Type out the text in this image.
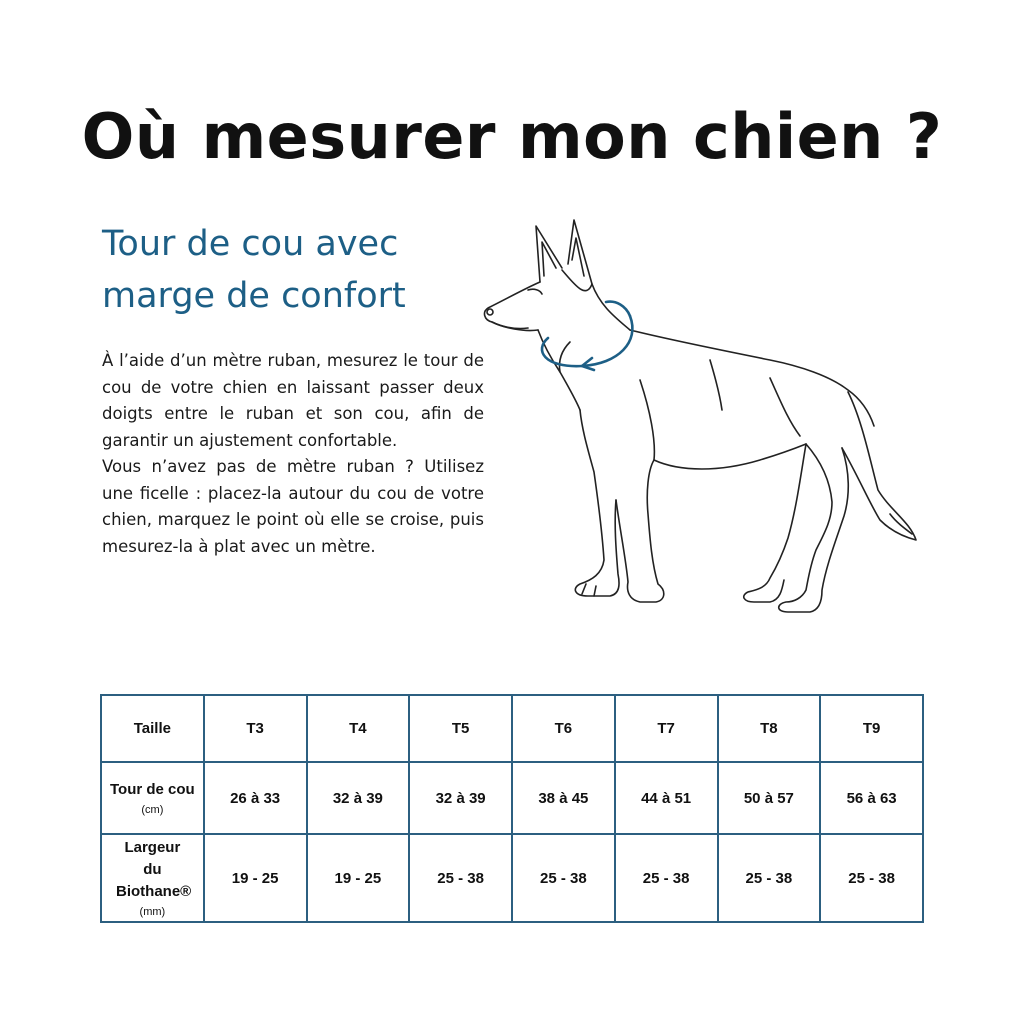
Où mesurer mon chien ?
Tour de cou avec
marge de confort

À l’aide d’un mètre ruban, mesurez le tour de cou de votre chien en laissant passer deux doigts entre le ruban et son cou, afin de garantir un ajustement confortable.

Vous n’avez pas de mètre ruban ? Utilisez une ficelle : placez-la autour du cou de votre chien, marquez le point où elle se croise, puis mesurez-la à plat avec un mètre.

Taille	T3	T4	T5	T6	T7	T8	T9

Tour de cou
(cm)	26 à 33	32 à 39	32 à 39	38 à 45	44 à 51	50 à 57	56 à 63

Largeur du Biothane®
(mm)	19 - 25	19 - 25	25 - 38	25 - 38	25 - 38	25 - 38	25 - 38
